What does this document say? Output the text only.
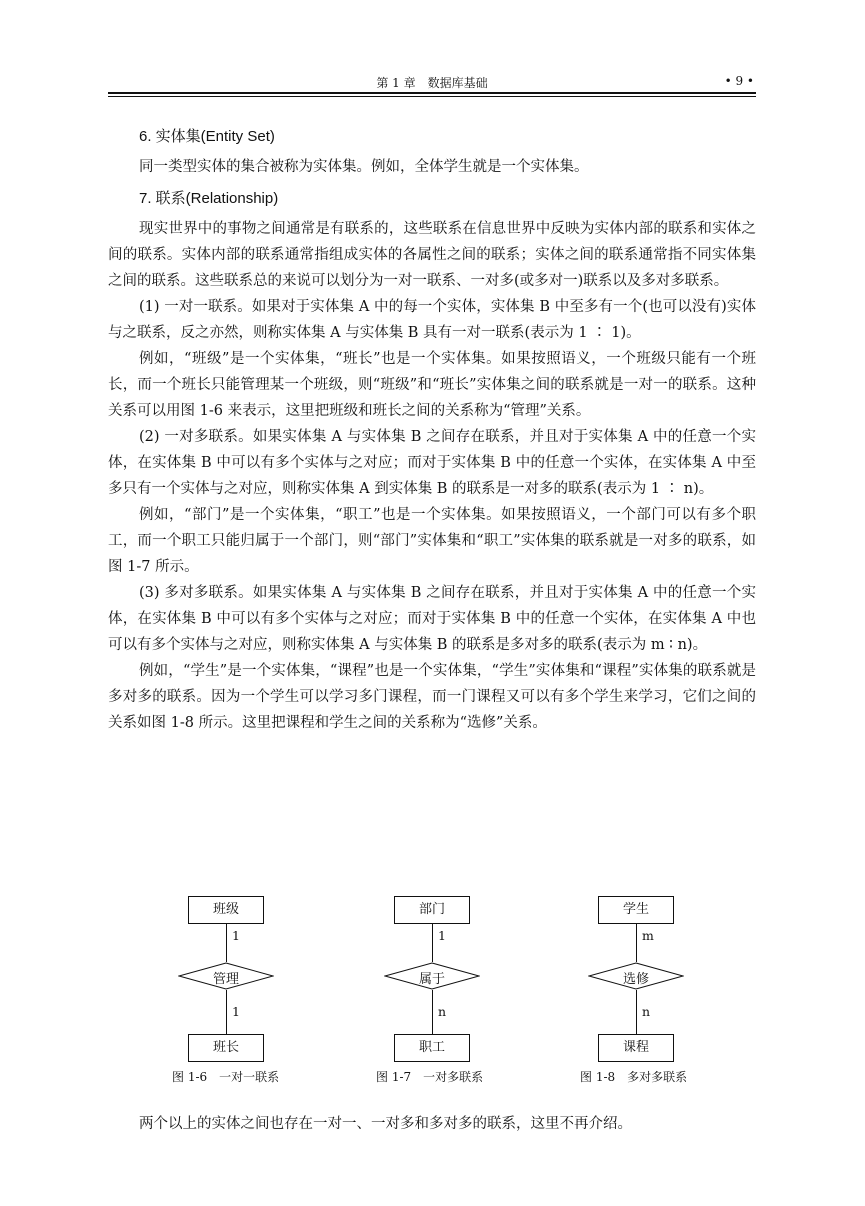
第 1 章　数据库基础	• 9 •
6. 实体集(Entity Set)

同一类型实体的集合被称为实体集。例如，全体学生就是一个实体集。

7. 联系(Relationship)

现实世界中的事物之间通常是有联系的，这些联系在信息世界中反映为实体内部的联系和实体之间的联系。实体内部的联系通常指组成实体的各属性之间的联系；实体之间的联系通常指不同实体集之间的联系。这些联系总的来说可以划分为一对一联系、一对多(或多对一)联系以及多对多联系。

(1) 一对一联系。如果对于实体集 A 中的每一个实体，实体集 B 中至多有一个(也可以没有)实体与之联系，反之亦然，则称实体集 A 与实体集 B 具有一对一联系(表示为 1 ∶ 1)。

例如，“班级”是一个实体集，“班长”也是一个实体集。如果按照语义，一个班级只能有一个班长，而一个班长只能管理某一个班级，则“班级”和“班长”实体集之间的联系就是一对一的联系。这种关系可以用图 1-6 来表示，这里把班级和班长之间的关系称为“管理”关系。

(2) 一对多联系。如果实体集 A 与实体集 B 之间存在联系，并且对于实体集 A 中的任意一个实体，在实体集 B 中可以有多个实体与之对应；而对于实体集 B 中的任意一个实体，在实体集 A 中至多只有一个实体与之对应，则称实体集 A 到实体集 B 的联系是一对多的联系(表示为 1 ∶ n)。

例如，“部门”是一个实体集，“职工”也是一个实体集。如果按照语义，一个部门可以有多个职工，而一个职工只能归属于一个部门，则“部门”实体集和“职工”实体集的联系就是一对多的联系，如图 1-7 所示。

(3) 多对多联系。如果实体集 A 与实体集 B 之间存在联系，并且对于实体集 A 中的任意一个实体，在实体集 B 中可以有多个实体与之对应；而对于实体集 B 中的任意一个实体，在实体集 A 中也可以有多个实体与之对应，则称实体集 A 与实体集 B 的联系是多对多的联系(表示为 m ∶ n)。

例如，“学生”是一个实体集，“课程”也是一个实体集，“学生”实体集和“课程”实体集的联系就是多对多的联系。因为一个学生可以学习多门课程，而一门课程又可以有多个学生来学习，它们之间的关系如图 1-8 所示。这里把课程和学生之间的关系称为“选修”关系。

班级
1
管理
1
班长
图 1-6　一对一联系
部门
1
属于
n
职工
图 1-7　一对多联系
学生
m
选修
n
课程
图 1-8　多对多联系

两个以上的实体之间也存在一对一、一对多和多对多的联系，这里不再介绍。
